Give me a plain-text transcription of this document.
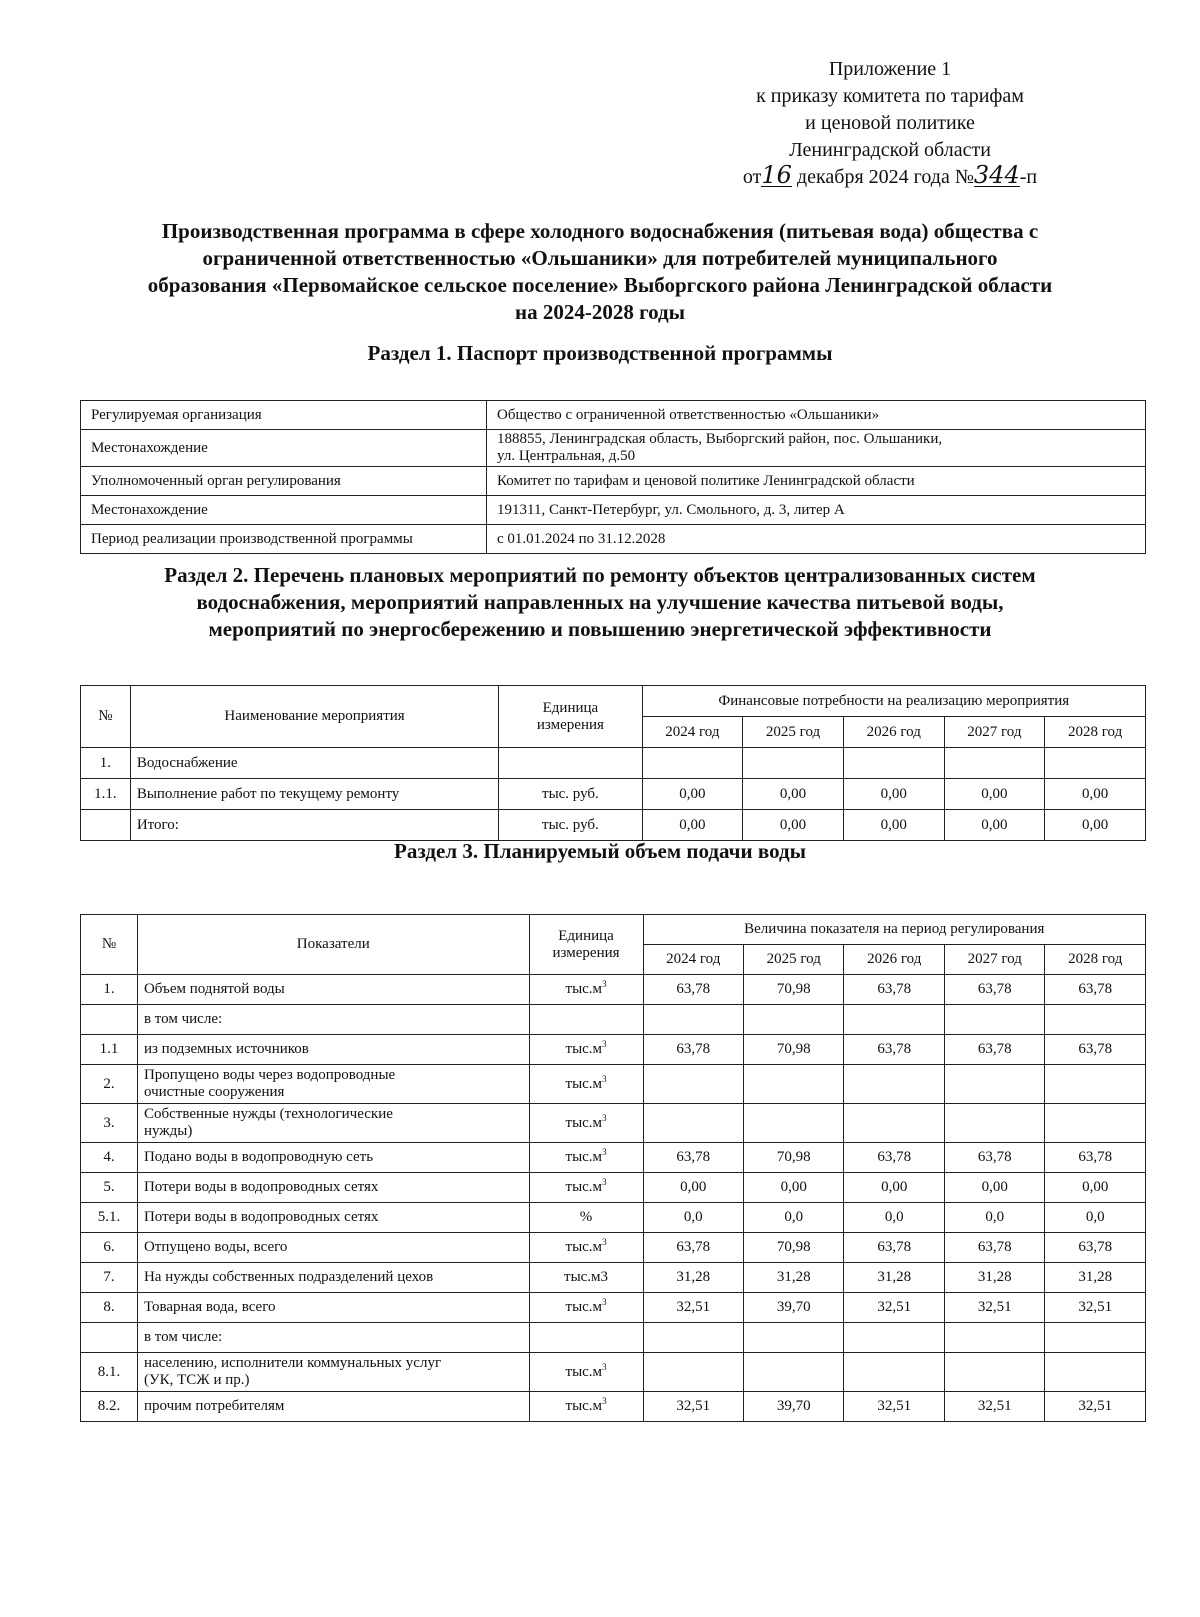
Приложение 1
к приказу комитета по тарифам
и ценовой политике
Ленинградской области
от16 декабря 2024 года №344-п
Производственная программа в сфере холодного водоснабжения (питьевая вода) общества с
ограниченной ответственностью «Ольшаники» для потребителей муниципального
образования «Первомайское сельское поселение» Выборгского района Ленинградской области
на 2024-2028 годы
Раздел 1. Паспорт производственной программы
Регулируемая организация	Общество с ограниченной ответственностью «Ольшаники»
Местонахождение	188855, Ленинградская область, Выборгский район, пос. Ольшаники,
ул. Центральная, д.50
Уполномоченный орган регулирования	Комитет по тарифам и ценовой политике Ленинградской области
Местонахождение	191311, Санкт-Петербург, ул. Смольного, д. 3, литер А
Период реализации производственной программы	с 01.01.2024 по 31.12.2028
Раздел 2. Перечень плановых мероприятий по ремонту объектов централизованных систем
водоснабжения, мероприятий направленных на улучшение качества питьевой воды,
мероприятий по энергосбережению и повышению энергетической эффективности
№	Наименование мероприятия	Единица
измерения	Финансовые потребности на реализацию мероприятия				
			2024 год	2025 год	2026 год	2027 год	2028 год
1.	Водоснабжение						
1.1.	Выполнение работ по текущему ремонту	тыс. руб.	0,00	0,00	0,00	0,00	0,00
	Итого:	тыс. руб.	0,00	0,00	0,00	0,00	0,00
Раздел 3. Планируемый объем подачи воды
№	Показатели	Единица
измерения	Величина показателя на период регулирования				
			2024 год	2025 год	2026 год	2027 год	2028 год
1.	Объем поднятой воды	$тыс.м^3$	63,78	70,98	63,78	63,78	63,78
	в том числе:						
1.1	из подземных источников	$тыс.м^3$	63,78	70,98	63,78	63,78	63,78
2.	Пропущено воды через водопроводные
очистные сооружения	$тыс.м^3$					
3.	Собственные нужды (технологические
нужды)	$тыс.м^3$					
4.	Подано воды в водопроводную сеть	$тыс.м^3$	63,78	70,98	63,78	63,78	63,78
5.	Потери воды в водопроводных сетях	$тыс.м^3$	0,00	0,00	0,00	0,00	0,00
5.1.	Потери воды в водопроводных сетях	%	0,0	0,0	0,0	0,0	0,0
6.	Отпущено воды, всего	$тыс.м^3$	63,78	70,98	63,78	63,78	63,78
7.	На нужды собственных подразделений цехов	тыс.м3	31,28	31,28	31,28	31,28	31,28
8.	Товарная вода, всего	$тыс.м^3$	32,51	39,70	32,51	32,51	32,51
	в том числе:						
8.1.	населению, исполнители коммунальных услуг
(УК, ТСЖ и пр.)	$тыс.м^3$					
8.2.	прочим потребителям	$тыс.м^3$	32,51	39,70	32,51	32,51	32,51
